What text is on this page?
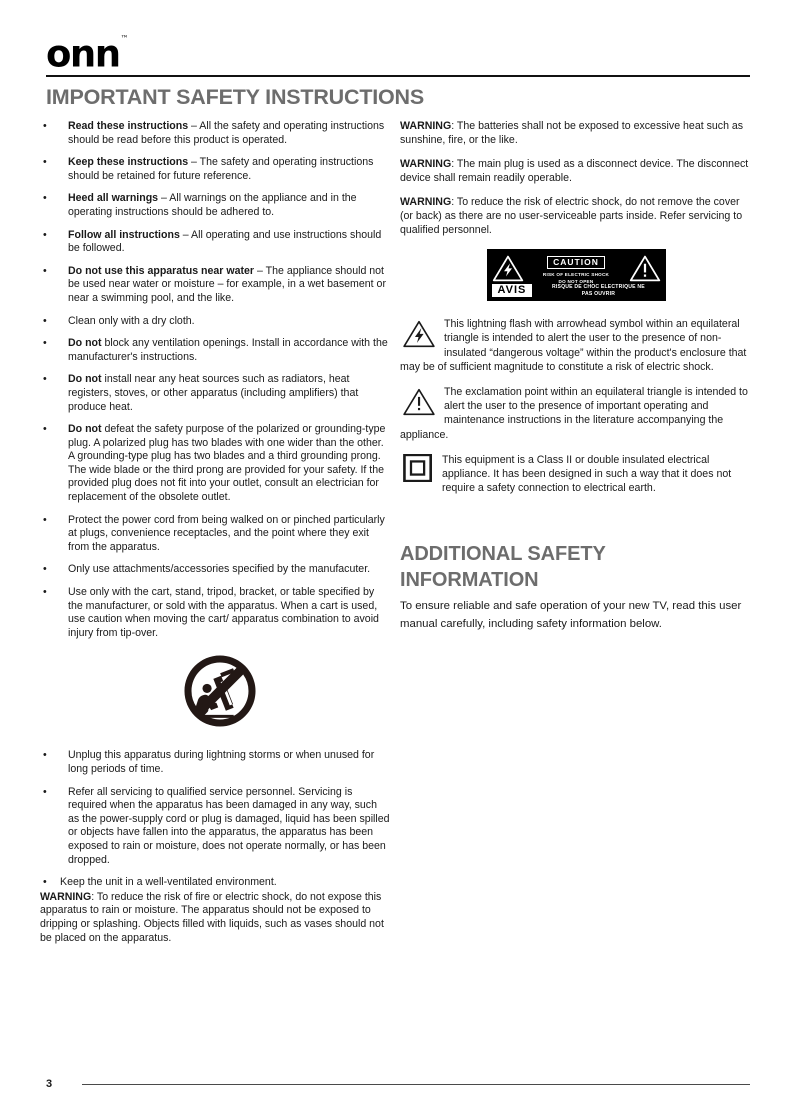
onn™
IMPORTANT SAFETY INSTRUCTIONS
• Read these instructions – All the safety and operating instructions should be read before this product is operated.
• Keep these instructions – The safety and operating instructions should be retained for future reference.
• Heed all warnings – All warnings on the appliance and in the operating instructions should be adhered to.
• Follow all instructions – All operating and use instructions should be followed.
• Do not use this apparatus near water – The appliance should not be used near water or moisture – for example, in a wet basement or near a swimming pool, and the like.
• Clean only with a dry cloth.
• Do not block any ventilation openings. Install in accordance with the manufacturer's instructions.
• Do not install near any heat sources such as radiators, heat registers, stoves, or other apparatus (including amplifiers) that produce heat.
• Do not defeat the safety purpose of the polarized or grounding-type plug. A polarized plug has two blades with one wider than the other. A grounding-type plug has two blades and a third grounding prong. The wide blade or the third prong are provided for your safety. If the provided plug does not fit into your outlet, consult an electrician for replacement of the obsolete outlet.
• Protect the power cord from being walked on or pinched particularly at plugs, convenience receptacles, and the point where they exit from the apparatus.
• Only use attachments/accessories specified by the manufacuter.
• Use only with the cart, stand, tripod, bracket, or table specified by the manufacturer, or sold with the apparatus. When a cart is used, use caution when moving the cart/ apparatus combination to avoid injury from tip-over.
• Unplug this apparatus during lightning storms or when unused for long periods of time.
• Refer all servicing to qualified service personnel. Servicing is required when the apparatus has been damaged in any way, such as the power-supply cord or plug is damaged, liquid has been spilled or objects have fallen into the apparatus, the apparatus has been exposed to rain or moisture, does not operate normally, or has been dropped.
• Keep the unit in a well-ventilated environment.

WARNING: To reduce the risk of fire or electric shock, do not expose this apparatus to rain or moisture. The apparatus should not be exposed to dripping or splashing. Objects filled with liquids, such as vases should not be placed on the apparatus.

WARNING: The batteries shall not be exposed to excessive heat such as sunshine, fire, or the like.

WARNING: The main plug is used as a disconnect device. The disconnect device shall remain readily operable.

WARNING: To reduce the risk of electric shock, do not remove the cover (or back) as there are no user-serviceable parts inside. Refer servicing to qualified personnel.

CAUTION
RISK OF ELECTRIC SHOCK
DO NOT OPEN
AVIS	RISQUE DE CHOC ELECTRIQUE NE
PAS OUVRIR
This lightning flash with arrowhead symbol within an equilateral triangle is intended to alert the user to the presence of non-insulated “dangerous voltage” within the product's enclosure that may be of sufficient magnitude to constitute a risk of electric shock.
The exclamation point within an equilateral triangle is intended to alert the user to the presence of important operating and maintenance instructions in the literature accompanying the appliance.
This equipment is a Class II or double insulated electrical appliance. It has been designed in such a way that it does not require a safety connection to electrical earth.
ADDITIONAL SAFETY
INFORMATION

To ensure reliable and safe operation of your new TV, read this user manual carefully, including safety information below.

3
